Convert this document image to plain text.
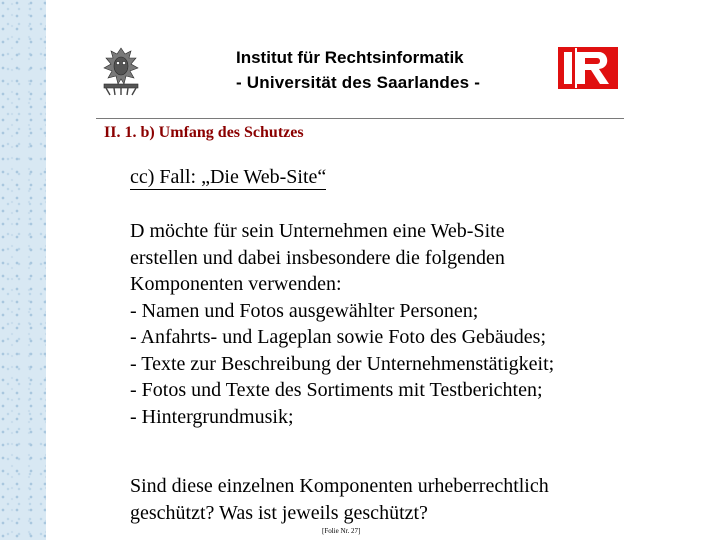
Institut für Rechtsinformatik
- Universität des Saarlandes -
II. 1. b) Umfang des Schutzes
cc) Fall: „Die Web-Site“
D möchte für sein Unternehmen eine Web-Site
erstellen und dabei insbesondere die folgenden
Komponenten verwenden:
- Namen und Fotos ausgewählter Personen;
- Anfahrts- und Lageplan sowie Foto des Gebäudes;
- Texte zur Beschreibung der Unternehmenstätigkeit;
- Fotos und Texte des Sortiments mit Testberichten;
- Hintergrundmusik;
Sind diese einzelnen Komponenten urheberrechtlich
geschützt? Was ist jeweils geschützt?
[Folie Nr. 27]
